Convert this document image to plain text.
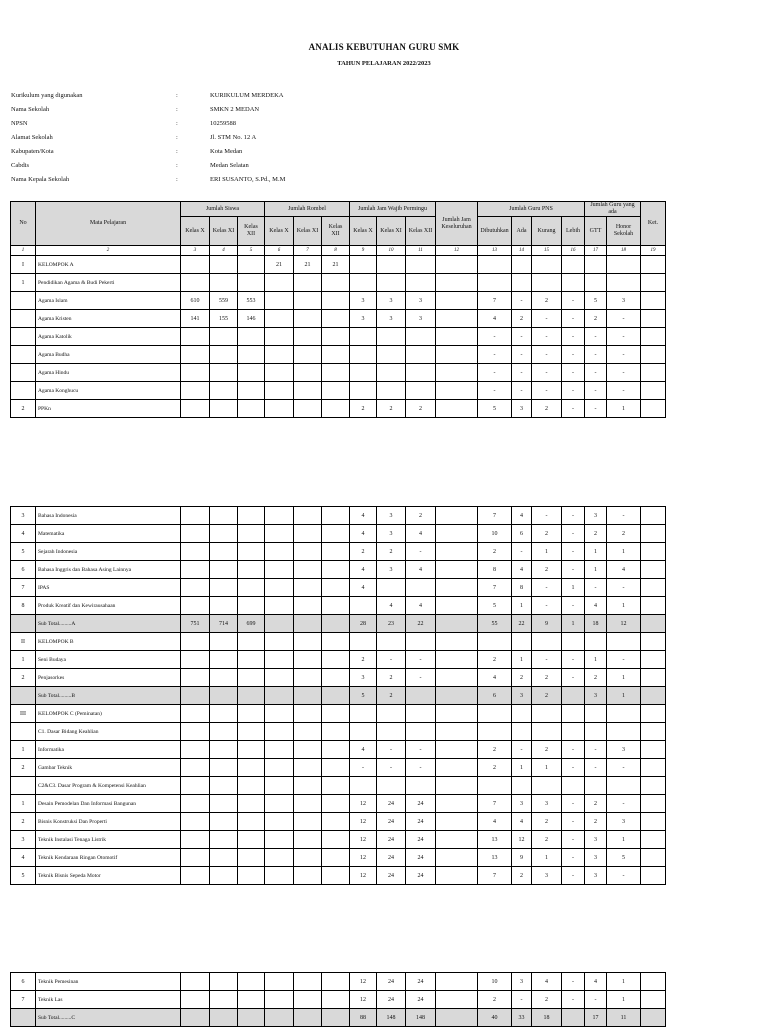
ANALIS KEBUTUHAN GURU SMK
TAHUN PELAJARAN 2022/2023
Kurikulum yang digunakan	:	KURIKULUM MERDEKA
Nama Sekolah	:	SMKN 2 MEDAN
NPSN	:	10259588
Alamat Sekolah	:	Jl. STM No. 12 A
Kabupaten/Kota	:	Kota Medan
Cabdis	:	Medan Selatan
Nama Kepala Sekolah	:	ERI SUSANTO, S.Pd., M.M
No	Mata Pelajaran	Jumlah Siswa			Jumlah Rombel			Jumlah Jam Wajib Permingu			Jumlah Jam Keseluruhan	Jumlah Guru PNS				Jumlah Guru yang ada		Ket.
		Kelas X	Kelas XI	Kelas XII	Kelas X	Kelas XI	Kelas XII	Kelas X	Kelas XI	Kelas XII		Dibutuhkan	Ada	Kurang	Lebih	GTT	Honor Sekolah	
1	2	3	4	5	6	7	8	9	10	11	12	13	14	15	16	17	18	19
I	KELOMPOK A				21	21	21											
1	Pendidikan Agama & Budi Pekerti																	
	Agama Islam	610	559	553				3	3	3		7	-	2	-	5	3	
	Agama Kristen	141	155	146				3	3	3		4	2	-	-	2	-	
	Agama Katolik											-	-	-	-	-	-	
	Agama Budha											-	-	-	-	-	-	
	Agama Hindu											-	-	-	-	-	-	
	Agama Konghucu											-	-	-	-	-	-	
2	PPKn							2	2	2		5	3	2	-	-	1	
3	Bahasa Indonesia							4	3	2		7	4	-	-	3	-	
4	Matematika							4	3	4		10	6	2	-	2	2	
5	Sejarah Indonesia							2	2	-		2	-	1	-	1	1	
6	Bahasa Inggris dan Bahasa Asing Lainnya							4	3	4		8	4	2	-	1	4	
7	IPAS							4				7	8	-	1	-	-	
8	Produk Kreatif dan Kewirausahaan								4	4		5	1	-	-	4	1	
	Sub Total.........A	751	714	699				28	23	22		55	22	9	1	18	12	
II	KELOMPOK B																	
1	Seni Budaya							2	-	-		2	1	-	-	1	-	
2	Penjasorkes							3	2	-		4	2	2	-	2	1	
	Sub Total.........B							5	2			6	3	2		3	1	
III	KELOMPOK C (Peminatan)																	
	C1. Dasar Bidang Keahlian																	
1	Informatika							4	-	-		2	-	2	-	-	3	
2	Gambar Teknik							-	-	-		2	1	1	-	-	-	
	C2&C3. Dasar Program & Kompetensi Keahlian																	
1	Desain Pemodelan Dan Informasi Bangunan							12	24	24		7	3	3	-	2	-	
2	Bisnis Konstruksi Dan Properti							12	24	24		4	4	2	-	2	3	
3	Teknik Instalasi Tenaga Listrik							12	24	24		13	12	2	-	3	1	
4	Teknik Kendaraan Ringan Otomotif							12	24	24		13	9	1	-	3	5	
5	Teknik Bisnis Sepeda Motor							12	24	24		7	2	3	-	3	-	
6	Teknik Pemesinan							12	24	24		10	3	4	-	4	1	
7	Teknik Las							12	24	24		2	-	2	-	-	1	
	Sub Total.........C							88	148	148		40	33	18		17	11	
